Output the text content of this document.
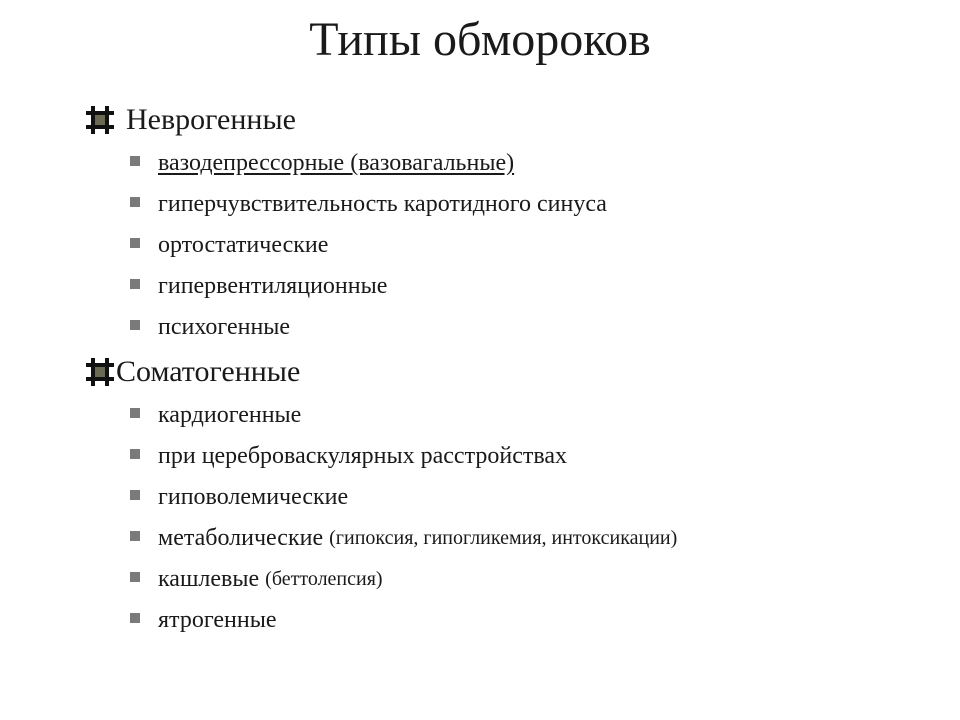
Типы обмороков
Неврогенные
вазодепрессорные (вазовагальные)
гиперчувствительность каротидного синуса
ортостатические
гипервентиляционные
психогенные
Соматогенные
кардиогенные
при цереброваскулярных расстройствах
гиповолемические
метаболические (гипоксия, гипогликемия, интоксикации)
кашлевые (беттолепсия)
ятрогенные
